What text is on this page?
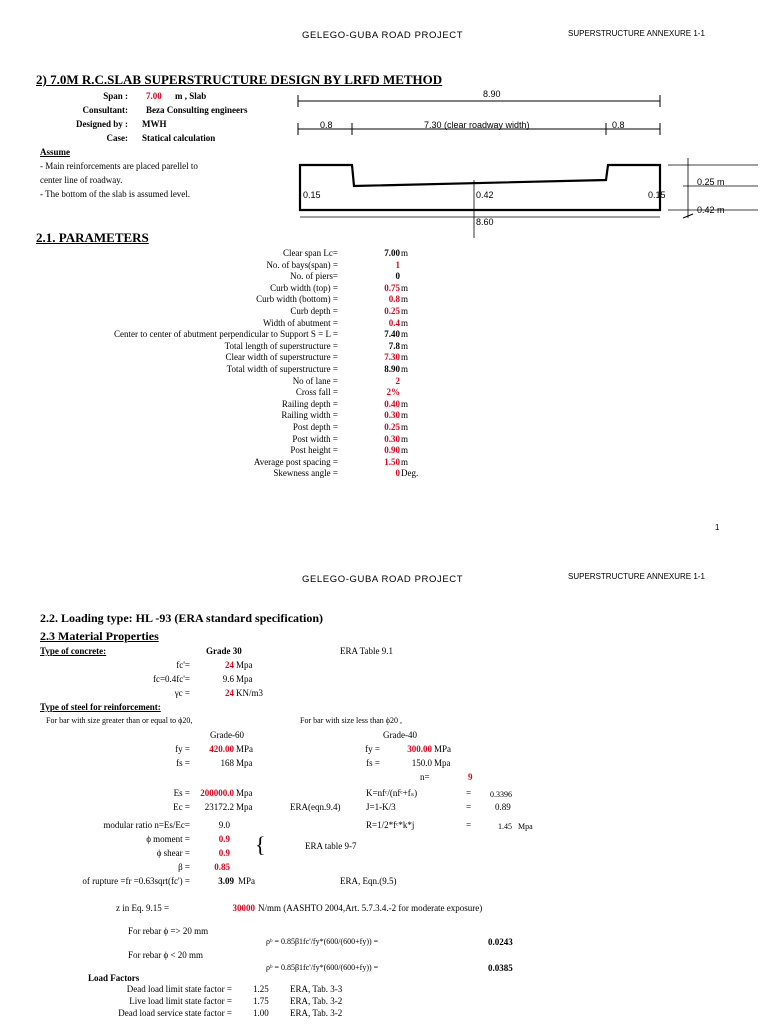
GELEGO-GUBA ROAD PROJECT	SUPERSTRUCTURE ANNEXURE 1-1
2) 7.0M R.C.SLAB SUPERSTRUCTURE DESIGN BY LRFD METHOD
Span : 7.00 m , Slab
Consultant: Beza Consulting engineers
Designed by : MWH
Case: Statical calculation
Assume
- Main reinforcements are placed parellel to
center line of roadway.
- The bottom of the slab is assumed level.
8.90
0.8	7.30 (clear roadway width)	0.8
0.15	0.42	0.15
8.60
0.25 m
0.42 m
2.1. PARAMETERS
Clear span Lc=	7.00 m
No. of bays(span) =	1
No. of piers=	0
Curb width (top) =	0.75 m
Curb width (bottom) =	0.8 m
Curb depth =	0.25 m
Width of abutment =	0.4 m
Center to center of abutment perpendicular to Support S = L =	7.40 m
Total length of superstructure =	7.8 m
Clear width of superstructure =	7.30 m
Total width of superstructure =	8.90 m
No of lane =	2
Cross fall =	2%
Railing depth =	0.40 m
Railing width =	0.30 m
Post depth =	0.25 m
Post width =	0.30 m
Post height =	0.90 m
Average post spacing =	1.50 m
Skewness angle =	0 Deg.
1
GELEGO-GUBA ROAD PROJECT	SUPERSTRUCTURE ANNEXURE 1-1
2.2. Loading type: HL -93 (ERA standard specification)
2.3 Material Properties
Type of concrete:	Grade 30	ERA Table 9.1
fc'=	24 Mpa
fc=0.4fc'=	9.6 Mpa
γc =	24 KN/m3
Type of steel for reinforcement:
For bar with size greater than or equal to ϕ20,	For bar with size less than ϕ20 ,
Grade-60	Grade-40
fy =	420.00 MPa	fy =	300.00 MPa
fs =	168 Mpa	fs =	150.0 Mpa
n=	9
Es =	200000.0 Mpa	K=nfᶜ/(nfᶜ+fₛ)	= 0.3396
Ec =	23172.2 Mpa	ERA(eqn.9.4)	J=1-K/3	=	0.89
modular ratio n=Es/Ec=	9.0	R=1/2*fᶜ*k*j	=	1.45 Mpa
ϕ moment =	0.9 {	ERA table 9-7
ϕ shear =	0.9
β =	0.85
of rupture =fr =0.63sqrt(fc') =	3.09 MPa	ERA, Eqn.(9.5)
z in Eq. 9.15 =	30000 N/mm (AASHTO 2004,Art. 5.7.3.4.-2 for moderate exposure)
For rebar ϕ => 20 mm
ρᵇ = 0.85β1fc'/fy*(600/(600+fy)) =	0.0243
For rebar ϕ < 20 mm
ρᵇ = 0.85β1fc'/fy*(600/(600+fy)) =	0.0385
Load Factors
Dead load limit state factor = 1.25 ERA, Tab. 3-3
Live load limit state factor = 1.75 ERA, Tab. 3-2
Dead load service state factor = 1.00 ERA, Tab. 3-2
